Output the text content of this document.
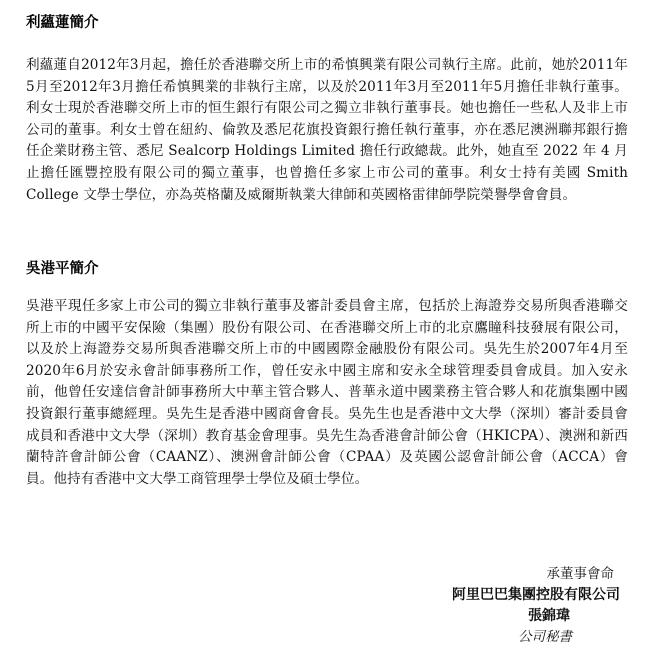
利蘊蓮簡介

利蘊蓮自2012年3月起，擔任於香港聯交所上市的希慎興業有限公司執行主席。此前，她於2011年5月至2012年3月擔任希慎興業的非執行主席，以及於2011年3月至2011年5月擔任非執行董事。利女士現於香港聯交所上市的恒生銀行有限公司之獨立非執行董事長。她也擔任一些私人及非上市公司的董事。利女士曾在紐約、倫敦及悉尼花旗投資銀行擔任執行董事，亦在悉尼澳洲聯邦銀行擔任企業財務主管、悉尼 Sealcorp Holdings Limited 擔任行政總裁。此外，她直至 2022 年 4 月止擔任匯豐控股有限公司的獨立董事，也曾擔任多家上市公司的董事。利女士持有美國 Smith College 文學士學位，亦為英格蘭及威爾斯執業大律師和英國格雷律師學院榮譽學會會員。

吳港平簡介

吳港平現任多家上市公司的獨立非執行董事及審計委員會主席，包括於上海證券交易所與香港聯交所上市的中國平安保險（集團）股份有限公司、在香港聯交所上市的北京鷹瞳科技發展有限公司，以及於上海證券交易所與香港聯交所上市的中國國際金融股份有限公司。吳先生於2007年4月至2020年6月於安永會計師事務所工作，曾任安永中國主席和安永全球管理委員會成員。加入安永前，他曾任安達信會計師事務所大中華主管合夥人、普華永道中國業務主管合夥人和花旗集團中國投資銀行董事總經理。吳先生是香港中國商會會長。吳先生也是香港中文大學（深圳）審計委員會成員和香港中文大學（深圳）教育基金會理事。吳先生為香港會計師公會（HKICPA）、澳洲和新西蘭特許會計師公會（CAANZ）、澳洲會計師公會（CPAA）及英國公認會計師公會（ACCA）會員。他持有香港中文大學工商管理學士學位及碩士學位。

承董事會命
阿里巴巴集團控股有限公司
張錦瑋
公司秘書
